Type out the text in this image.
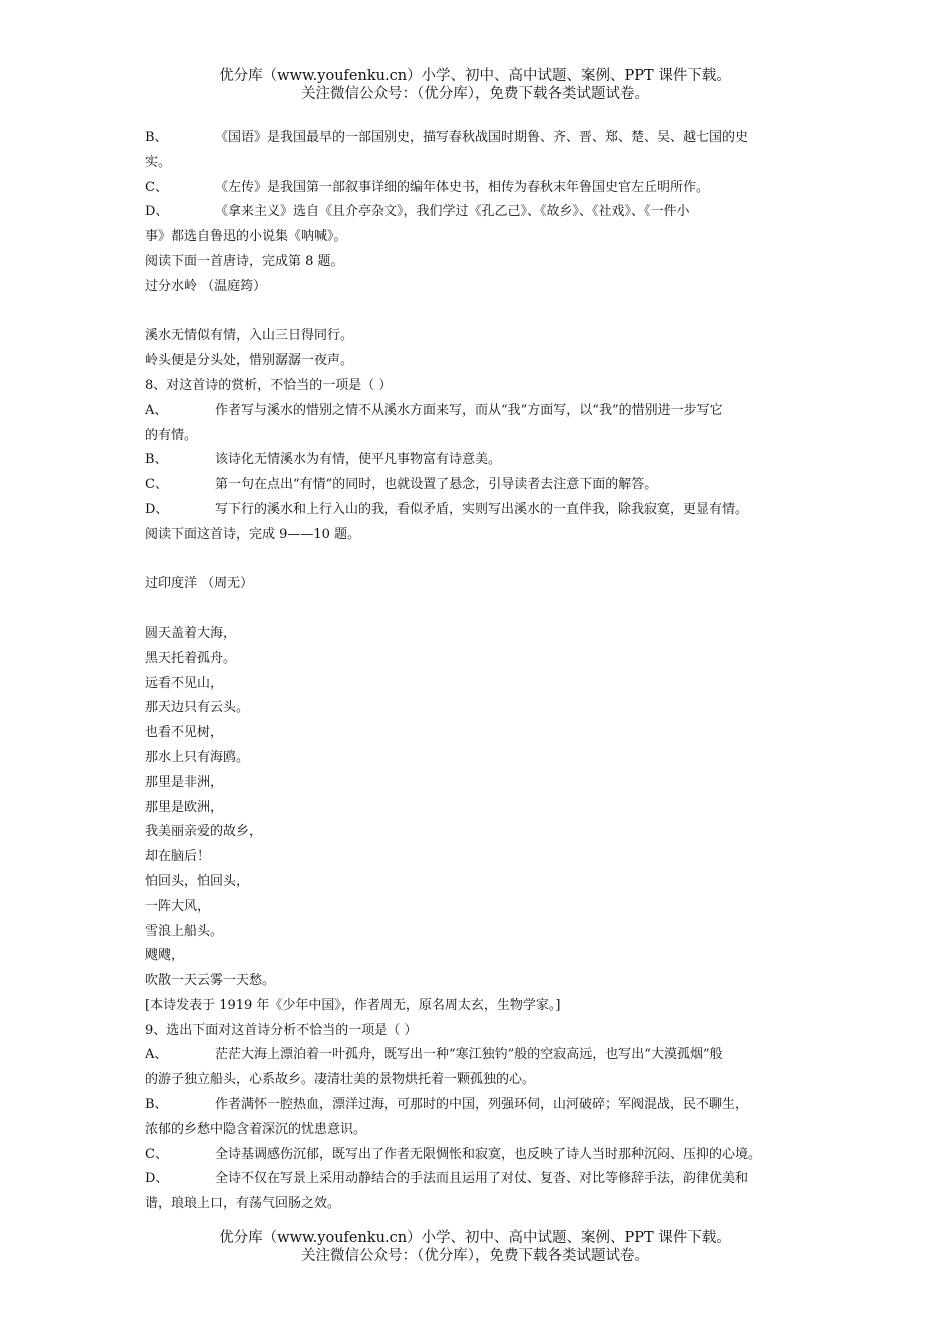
优分库（www.youfenku.cn）小学、初中、高中试题、案例、PPT 课件下载。
关注微信公众号：（优分库），免费下载各类试题试卷。
B、	《国语》是我国最早的一部国别史，描写春秋战国时期鲁、齐、晋、郑、楚、吴、越七国的史
实。
C、	《左传》是我国第一部叙事详细的编年体史书，相传为春秋末年鲁国史官左丘明所作。
D、	《拿来主义》选自《且介亭杂文》，我们学过《孔乙己》、《故乡》、《社戏》、《一件小
事》都选自鲁迅的小说集《呐喊》。
阅读下面一首唐诗，完成第 8 题。
过分水岭 （温庭筠）
溪水无情似有情，入山三日得同行。
岭头便是分头处，惜别潺潺一夜声。
8、对这首诗的赏析，不恰当的一项是（ ）
A、	作者写与溪水的惜别之情不从溪水方面来写，而从“我”方面写，以“我”的惜别进一步写它
的有情。
B、	该诗化无情溪水为有情，使平凡事物富有诗意美。
C、	第一句在点出“有情”的同时，也就设置了悬念，引导读者去注意下面的解答。
D、	写下行的溪水和上行入山的我，看似矛盾，实则写出溪水的一直伴我，除我寂寞，更显有情。
阅读下面这首诗，完成 9——10 题。
过印度洋 （周无）
圆天盖着大海，
黑天托着孤舟。
远看不见山，
那天边只有云头。
也看不见树，
那水上只有海鸥。
那里是非洲，
那里是欧洲，
我美丽亲爱的故乡，
却在脑后！
怕回头，怕回头，
一阵大风，
雪浪上船头。
飕飕，
吹散一天云雾一天愁。
[本诗发表于 1919 年《少年中国》，作者周无，原名周太玄，生物学家。]
9、选出下面对这首诗分析不恰当的一项是（ ）
A、	茫茫大海上漂泊着一叶孤舟，既写出一种“寒江独钓”般的空寂高远，也写出“大漠孤烟”般
的游子独立船头，心系故乡。凄清壮美的景物烘托着一颗孤独的心。
B、	作者满怀一腔热血，漂洋过海，可那时的中国，列强环伺，山河破碎；军阀混战，民不聊生，
浓郁的乡愁中隐含着深沉的忧患意识。
C、	全诗基调感伤沉郁，既写出了作者无限惆怅和寂寞，也反映了诗人当时那种沉闷、压抑的心境。
D、	全诗不仅在写景上采用动静结合的手法而且运用了对仗、复沓、对比等修辞手法，韵律优美和
谐，琅琅上口，有荡气回肠之效。
优分库（www.youfenku.cn）小学、初中、高中试题、案例、PPT 课件下载。
关注微信公众号：（优分库），免费下载各类试题试卷。
